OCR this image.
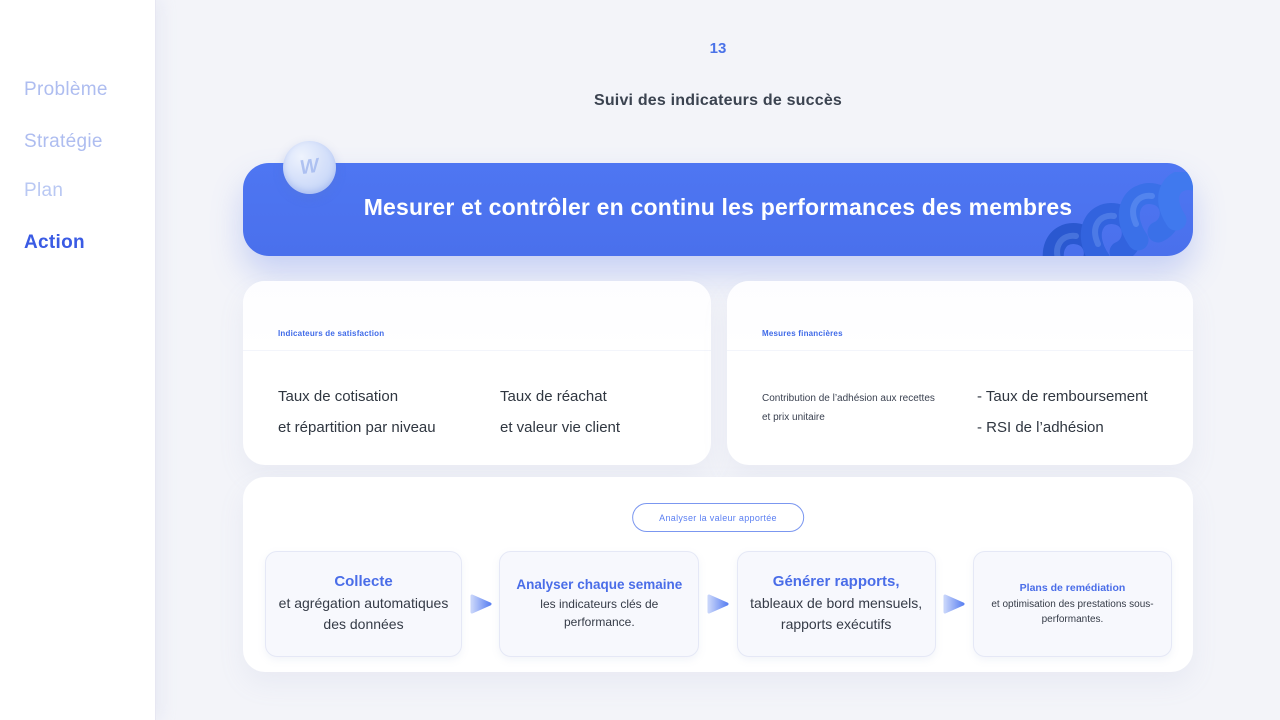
Problème
Stratégie
Plan
Action
13
Suivi des indicateurs de succès
W
Mesurer et contrôler en continu les performances des membres
Indicateurs de satisfaction
Taux de cotisation
et répartition par niveau
Taux de réachat
et valeur vie client
Mesures financières
Contribution de l’adhésion aux recettes
et prix unitaire
- Taux de remboursement
- RSI de l’adhésion
Analyser la valeur apportée
Collecte
et agrégation automatiques des données
Analyser chaque semaine
les indicateurs clés de performance.
Générer rapports,
tableaux de bord mensuels, rapports exécutifs
Plans de remédiation
et optimisation des prestations sous-performantes.
